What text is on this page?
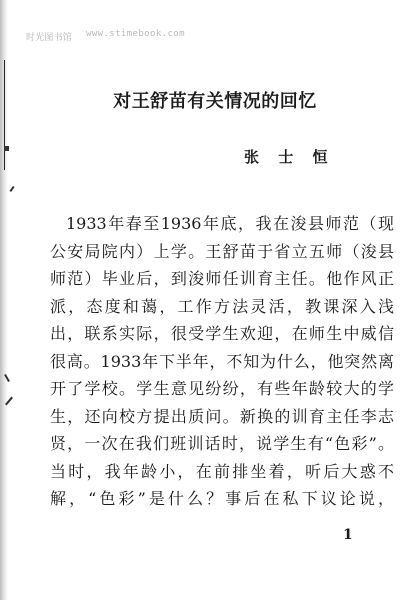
时光图书馆 www.stimebook.com
对王舒苗有关情况的回忆
张 士 恒
1933年春至1936年底，我在浚县师范（现
公安局院内）上学。王舒苗于省立五师（浚县
师范）毕业后，到浚师任训育主任。他作风正
派，态度和蔼，工作方法灵活，教课深入浅
出，联系实际，很受学生欢迎，在师生中威信
很高。1933年下半年，不知为什么，他突然离
开了学校。学生意见纷纷，有些年龄较大的学
生，还向校方提出质问。新换的训育主任李志
贤，一次在我们班训话时，说学生有“色彩”。
当时，我年龄小，在前排坐着，听后大惑不
解，“色彩”是什么？事后在私下议论说，
1
